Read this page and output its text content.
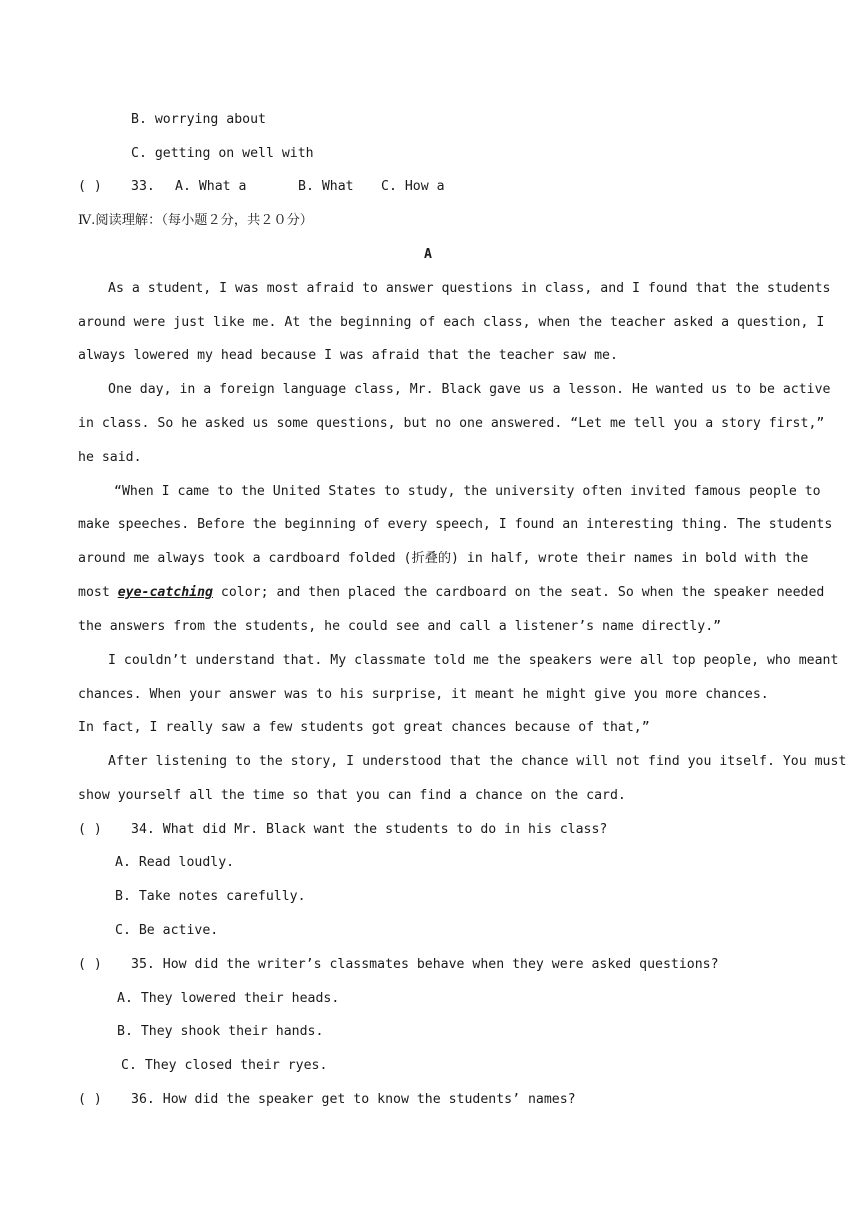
B. worrying about
C. getting on well with
( ) 33. A. What a	B. What C. How a
Ⅳ.阅读理解：（每小题２分，共２０分）
A
As a student, I was most afraid to answer questions in class, and I found that the students
around were just like me. At the beginning of each class, when the teacher asked a question, I
always lowered my head because I was afraid that the teacher saw me.
One day, in a foreign language class, Mr. Black gave us a lesson. He wanted us to be active
in class. So he asked us some questions, but no one answered. “Let me tell you a story first,”
he said.
“When I came to the United States to study, the university often invited famous people to
make speeches. Before the beginning of every speech, I found an interesting thing. The students
around me always took a cardboard folded (折叠的) in half, wrote their names in bold with the
most eye-catching color; and then placed the cardboard on the seat. So when the speaker needed
the answers from the students, he could see and call a listener’s name directly.”
I couldn’t understand that. My classmate told me the speakers were all top people, who meant
chances. When your answer was to his surprise, it meant he might give you more chances.
In fact, I really saw a few students got great chances because of that,”
After listening to the story, I understood that the chance will not find you itself. You must
show yourself all the time so that you can find a chance on the card.
( ) 34. What did Mr. Black want the students to do in his class?
A. Read loudly.
B. Take notes carefully.
C. Be active.
( ) 35. How did the writer’s classmates behave when they were asked questions?
A. They lowered their heads.
B. They shook their hands.
C. They closed their ryes.
( ) 36. How did the speaker get to know the students’ names?
